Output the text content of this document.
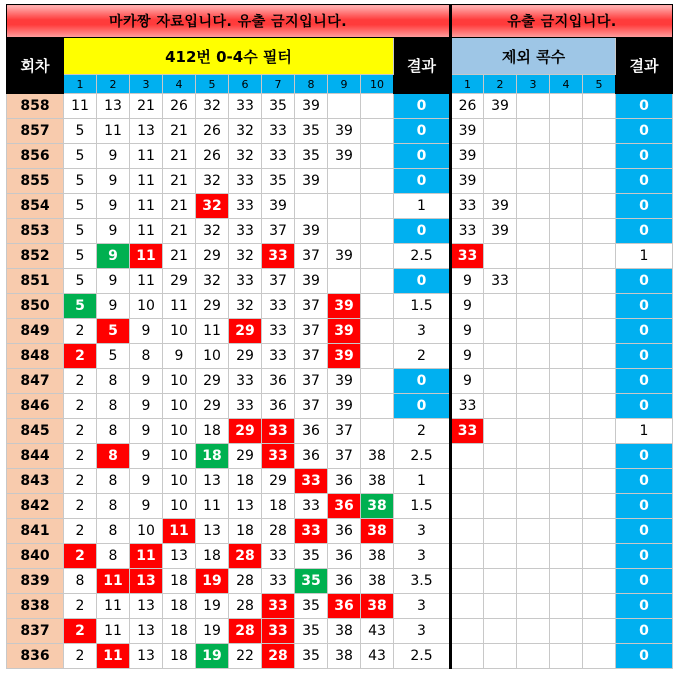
마카짱 자료입니다. 유출 금지입니다.												유출 금지입니다.					
회차	412번 0-4수 필터										결과	제외 콕수					결과
	1	2	3	4	5	6	7	8	9	10		1	2	3	4	5	
858	11	13	21	26	32	33	35	39			0	26	39				0
857	5	11	13	21	26	32	33	35	39		0	39					0
856	5	9	11	21	26	32	33	35	39		0	39					0
855	5	9	11	21	32	33	35	39			0	39					0
854	5	9	11	21	32	33	39				1	33	39				0
853	5	9	11	21	32	33	37	39			0	33	39				0
852	5	9	11	21	29	32	33	37	39		2.5	33					1
851	5	9	11	29	32	33	37	39			0	9	33				0
850	5	9	10	11	29	32	33	37	39		1.5	9					0
849	2	5	9	10	11	29	33	37	39		3	9					0
848	2	5	8	9	10	29	33	37	39		2	9					0
847	2	8	9	10	29	33	36	37	39		0	9					0
846	2	8	9	10	29	33	36	37	39		0	33					0
845	2	8	9	10	18	29	33	36	37		2	33					1
844	2	8	9	10	18	29	33	36	37	38	2.5						0
843	2	8	9	10	13	18	29	33	36	38	1						0
842	2	8	9	10	11	13	18	33	36	38	1.5						0
841	2	8	10	11	13	18	28	33	36	38	3						0
840	2	8	11	13	18	28	33	35	36	38	3						0
839	8	11	13	18	19	28	33	35	36	38	3.5						0
838	2	11	13	18	19	28	33	35	36	38	3						0
837	2	11	13	18	19	28	33	35	38	43	3						0
836	2	11	13	18	19	22	28	35	38	43	2.5						0
